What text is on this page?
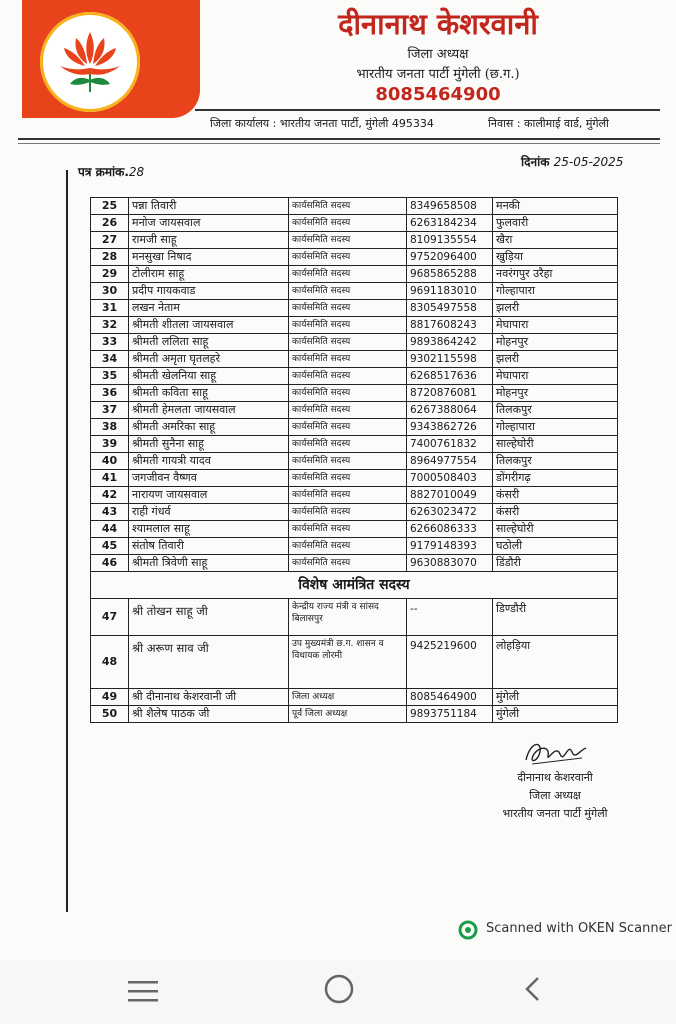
दीनानाथ केशरवानी
जिला अध्यक्ष
भारतीय जनता पार्टी मुंगेली (छ.ग.)
8085464900
जिला कार्यालय : भारतीय जनता पार्टी, मुंगेली 495334	निवास : कालीमाई वार्ड, मुंगेली
पत्र क्रमांक.28
दिनांक 25-05-2025
25	पन्ना तिवारी	कार्यसमिति सदस्य	8349658508	मनकी
26	मनोज जायसवाल	कार्यसमिति सदस्य	6263184234	फुलवारी
27	रामजी साहू	कार्यसमिति सदस्य	8109135554	खैरा
28	मनसुखा निषाद	कार्यसमिति सदस्य	9752096400	खुड़िया
29	टोलीराम साहू	कार्यसमिति सदस्य	9685865288	नवरंगपुर उरैहा
30	प्रदीप गायकवाड	कार्यसमिति सदस्य	9691183010	गोल्हापारा
31	लखन नेताम	कार्यसमिति सदस्य	8305497558	झलरी
32	श्रीमती शीतला जायसवाल	कार्यसमिति सदस्य	8817608243	मेघापारा
33	श्रीमती ललिता साहू	कार्यसमिति सदस्य	9893864242	मोहनपुर
34	श्रीमती अमृता घृतलहरे	कार्यसमिति सदस्य	9302115598	झलरी
35	श्रीमती खेलनिया साहू	कार्यसमिति सदस्य	6268517636	मेघापारा
36	श्रीमती कविता साहू	कार्यसमिति सदस्य	8720876081	मोहनपुर
37	श्रीमती हेमलता जायसवाल	कार्यसमिति सदस्य	6267388064	तिलकपुर
38	श्रीमती अमरिका साहू	कार्यसमिति सदस्य	9343862726	गोल्हापारा
39	श्रीमती सुनैना साहू	कार्यसमिति सदस्य	7400761832	साल्हेघोरी
40	श्रीमती गायत्री यादव	कार्यसमिति सदस्य	8964977554	तिलकपुर
41	जगजीवन वैष्णव	कार्यसमिति सदस्य	7000508403	डोंगरीगढ़
42	नारायण जायसवाल	कार्यसमिति सदस्य	8827010049	कंसरी
43	राही गंधर्व	कार्यसमिति सदस्य	6263023472	कंसरी
44	श्यामलाल साहू	कार्यसमिति सदस्य	6266086333	साल्हेघोरी
45	संतोष तिवारी	कार्यसमिति सदस्य	9179148393	घठोली
46	श्रीमती त्रिवेणी साहू	कार्यसमिति सदस्य	9630883070	डिंडौरी
विशेष आमंत्रित सदस्य				
47	श्री तोखन साहू जी	केन्द्रीय राज्य मंत्री व सांसद बिलासपुर	--	डिण्डौरी
48	श्री अरूण साव जी	उप मुख्यमंत्री छ.ग. शासन व विधायक लोरमी	9425219600	लोहड़िया
49	श्री दीनानाथ केशरवानी जी	जिला अध्यक्ष	8085464900	मुंगेली
50	श्री शैलेष पाठक जी	पूर्व जिला अध्यक्ष	9893751184	मुंगेली
दीनानाथ केशरवानी
जिला अध्यक्ष
भारतीय जनता पार्टी मुंगेली
Scanned with OKEN Scanner
